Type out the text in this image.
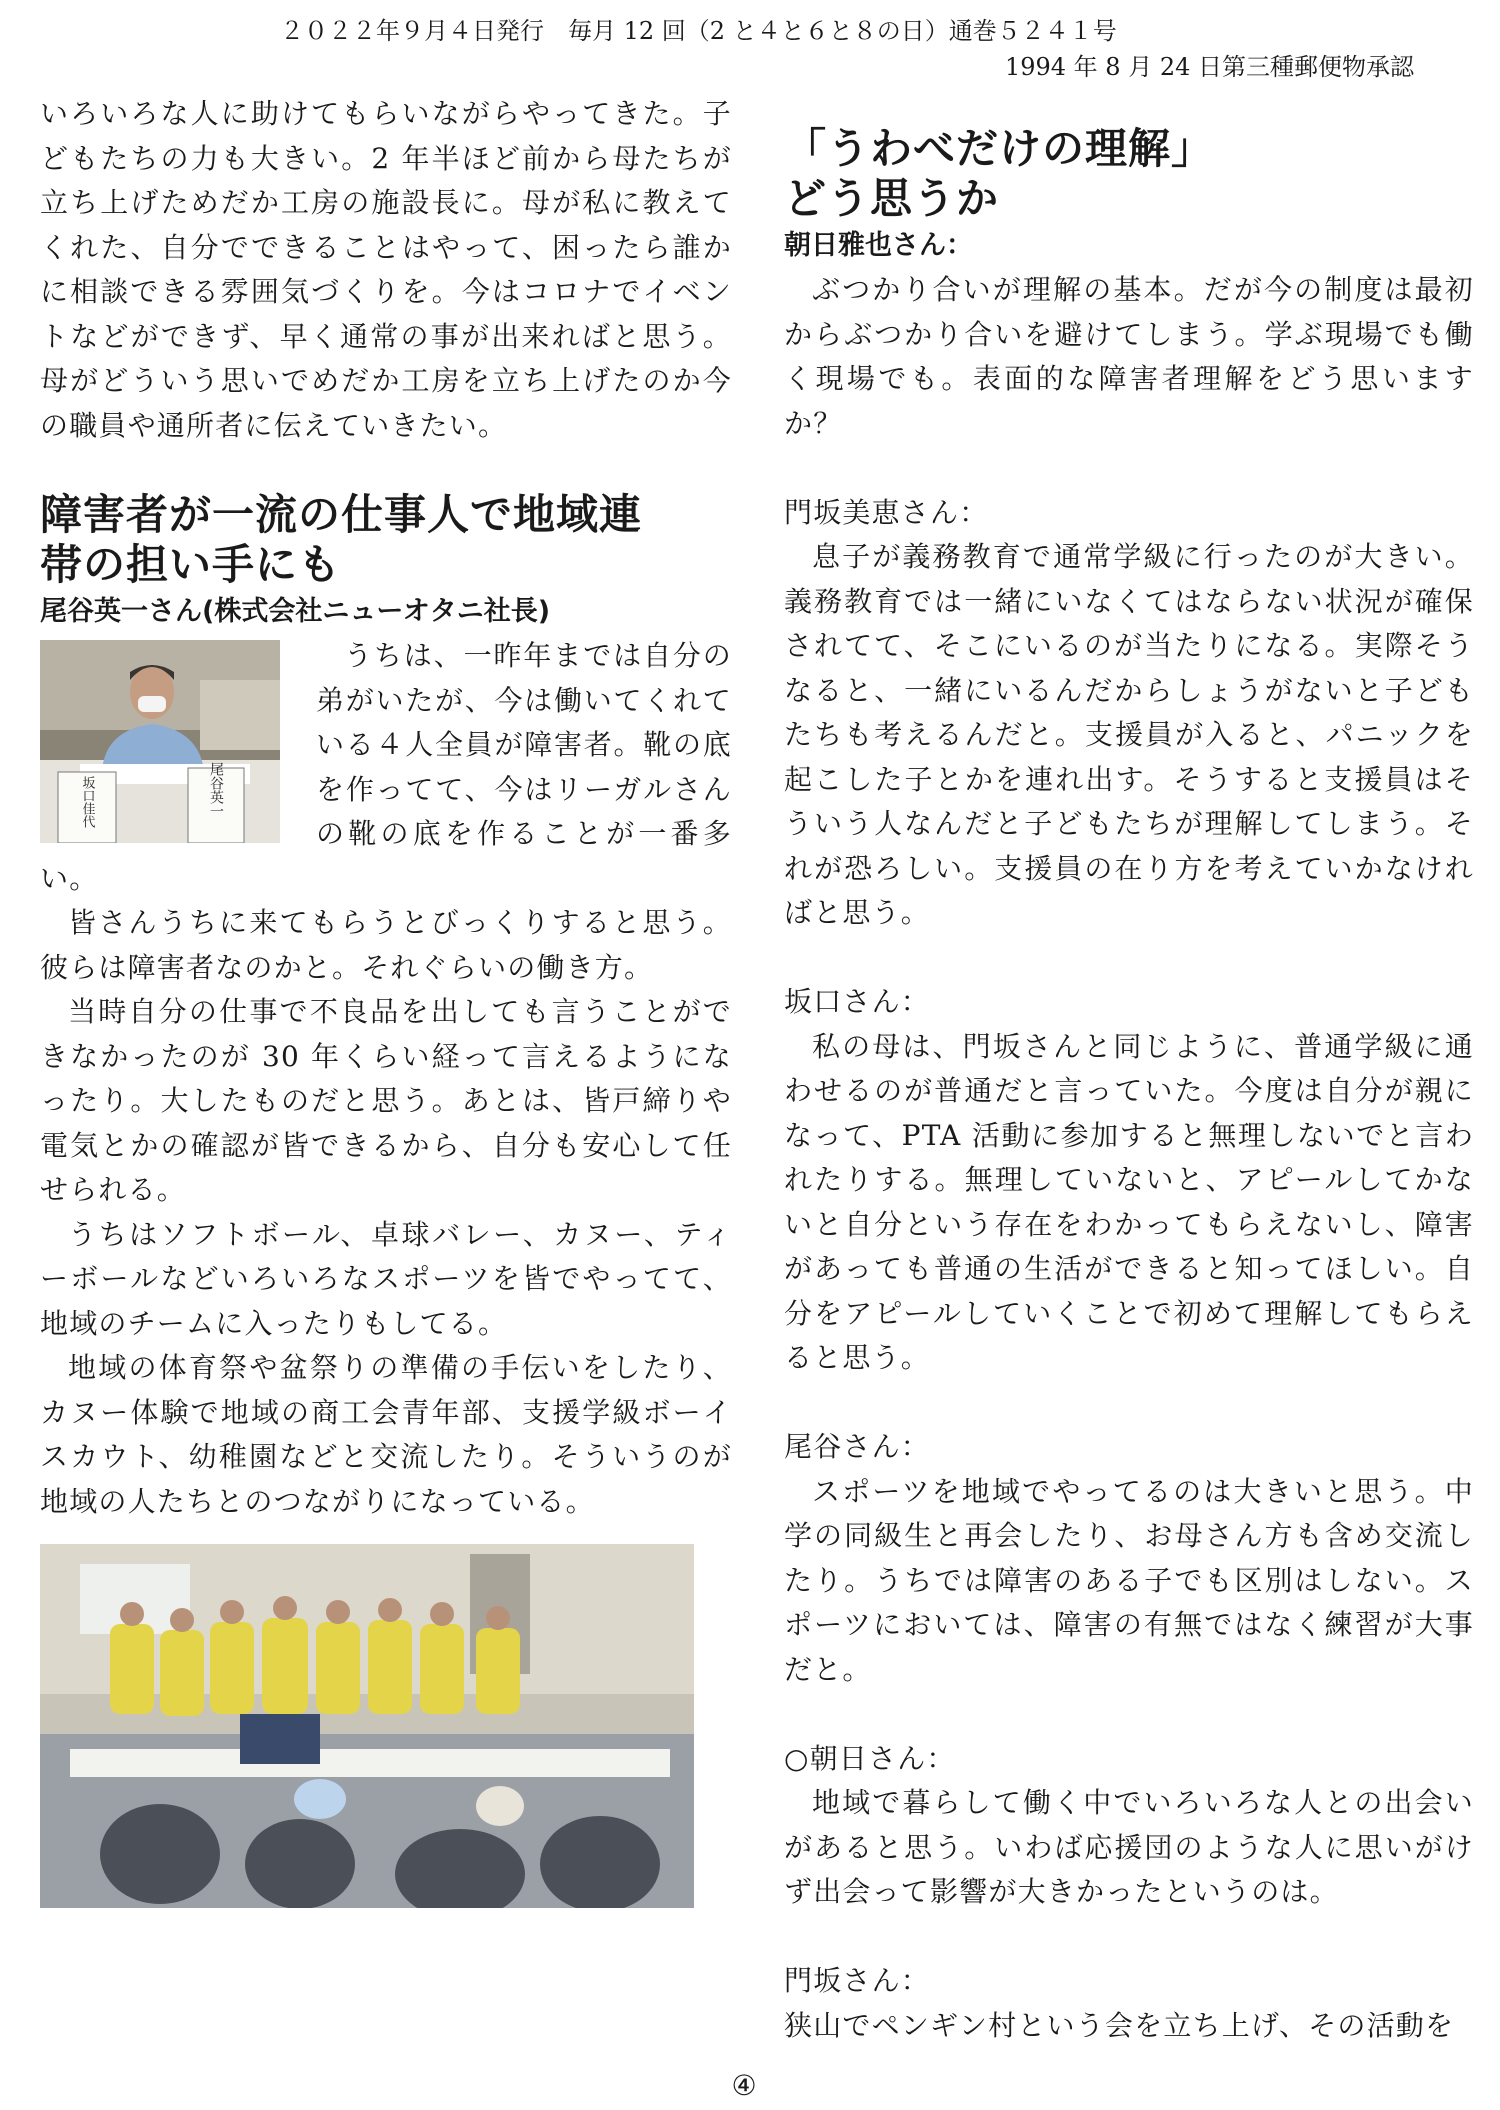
２０２２年９月４日発行　毎月 12 回（2 と４と６と８の日）通巻５２４１号
1994 年 8 月 24 日第三種郵便物承認

いろいろな人に助けてもらいながらやってきた。子どもたちの力も大きい。2 年半ほど前から母たちが立ち上げためだか工房の施設長に。母が私に教えてくれた、自分でできることはやって、困ったら誰かに相談できる雰囲気づくりを。今はコロナでイベントなどができず、早く通常の事が出来ればと思う。母がどういう思いでめだか工房を立ち上げたのか今の職員や通所者に伝えていきたい。

障害者が一流の仕事人で地域連
帯の担い手にも

尾谷英一さん(株式会社ニューオタニ社長)

坂口佳代	尾谷英一

うちは、一昨年までは自分の弟がいたが、今は働いてくれている４人全員が障害者。靴の底を作ってて、今はリーガルさんの靴の底を作ることが一番多い。

皆さんうちに来てもらうとびっくりすると思う。彼らは障害者なのかと。それぐらいの働き方。

当時自分の仕事で不良品を出しても言うことができなかったのが 30 年くらい経って言えるようになったり。大したものだと思う。あとは、皆戸締りや電気とかの確認が皆できるから、自分も安心して任せられる。

うちはソフトボール、卓球バレー、カヌー、ティーボールなどいろいろなスポーツを皆でやってて、地域のチームに入ったりもしてる。

地域の体育祭や盆祭りの準備の手伝いをしたり、カヌー体験で地域の商工会青年部、支援学級ボーイスカウト、幼稚園などと交流したり。そういうのが地域の人たちとのつながりになっている。

「うわべだけの理解」
どう思うか

朝日雅也さん：

ぶつかり合いが理解の基本。だが今の制度は最初からぶつかり合いを避けてしまう。学ぶ現場でも働く現場でも。表面的な障害者理解をどう思いますか？

門坂美恵さん：

息子が義務教育で通常学級に行ったのが大きい。義務教育では一緒にいなくてはならない状況が確保されてて、そこにいるのが当たりになる。実際そうなると、一緒にいるんだからしょうがないと子どもたちも考えるんだと。支援員が入ると、パニックを起こした子とかを連れ出す。そうすると支援員はそういう人なんだと子どもたちが理解してしまう。それが恐ろしい。支援員の在り方を考えていかなければと思う。

坂口さん：

私の母は、門坂さんと同じように、普通学級に通わせるのが普通だと言っていた。今度は自分が親になって、PTA 活動に参加すると無理しないでと言われたりする。無理していないと、アピールしてかないと自分という存在をわかってもらえないし、障害があっても普通の生活ができると知ってほしい。自分をアピールしていくことで初めて理解してもらえると思う。

尾谷さん：

スポーツを地域でやってるのは大きいと思う。中学の同級生と再会したり、お母さん方も含め交流したり。うちでは障害のある子でも区別はしない。スポーツにおいては、障害の有無ではなく練習が大事だと。

○朝日さん：

地域で暮らして働く中でいろいろな人との出会いがあると思う。いわば応援団のような人に思いがけず出会って影響が大きかったというのは。

門坂さん：

狭山でペンギン村という会を立ち上げ、その活動を

④
